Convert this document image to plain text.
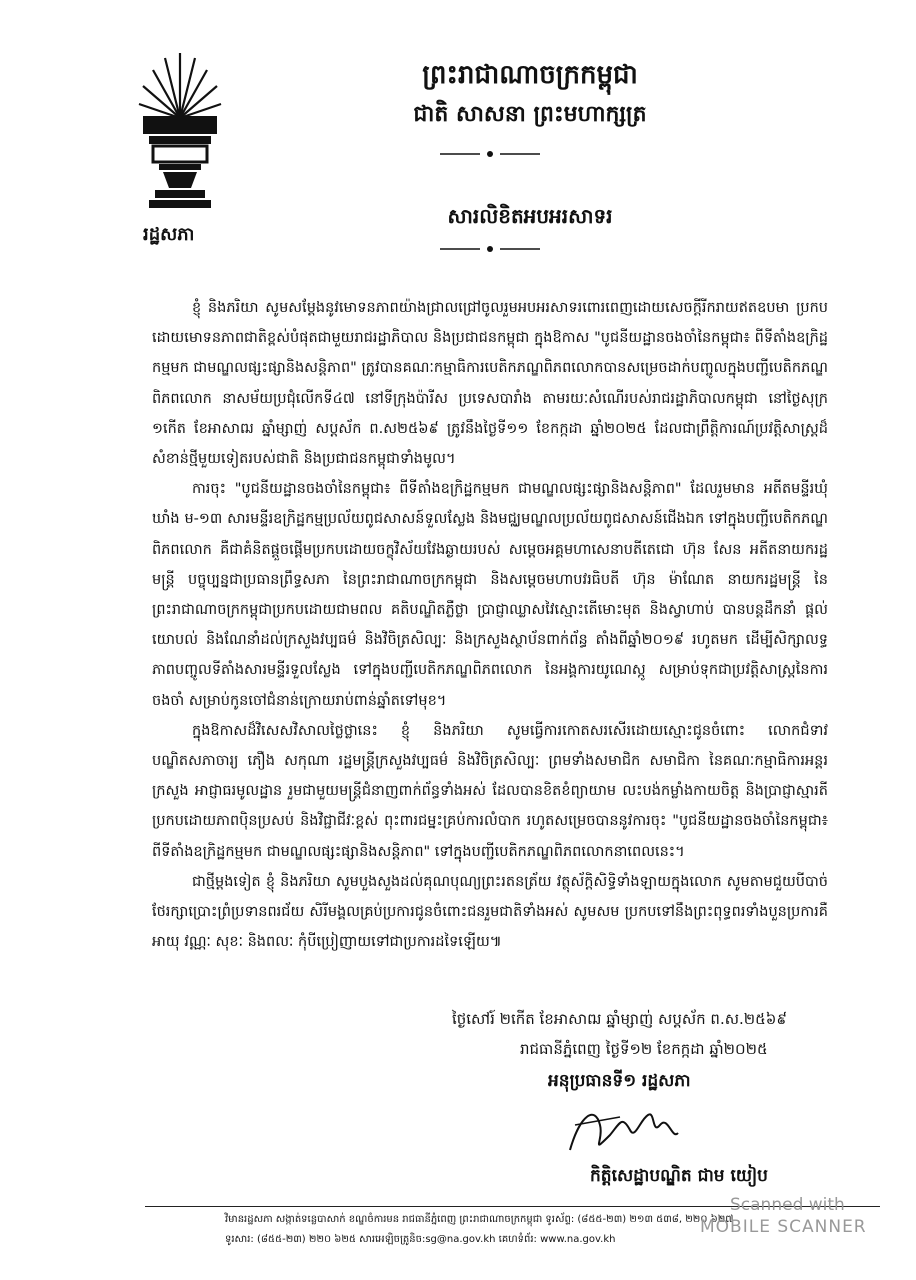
រដ្ឋសភា
ព្រះរាជាណាចក្រកម្ពុជា
ជាតិ សាសនា ព្រះមហាក្សត្រ
សារលិខិតអបអរសាទរ

ខ្ញុំ និងភរិយា សូមសម្តែងនូវមោទនភាពយ៉ាងជ្រាលជ្រៅចូលរួមអបអរសាទរពោរពេញដោយសេចក្តីរីករាយឥតឧបមា ប្រកបដោយមោទនភាពជាតិខ្ពស់បំផុតជាមួយរាជរដ្ឋាភិបាល និងប្រជាជនកម្ពុជា ក្នុងឱកាស "បូជនីយដ្ឋានចងចាំនៃកម្ពុជា៖ ពីទីតាំងឧក្រិដ្ឋកម្មមក ជាមណ្ឌលផ្សះផ្សានិងសន្តិភាព" ត្រូវបានគណៈកម្មាធិការបេតិកភណ្ឌពិភពលោកបានសម្រេចដាក់បញ្ចូលក្នុងបញ្ជីបេតិកភណ្ឌពិភពលោក នាសម័យប្រជុំលើកទី៤៧ នៅទីក្រុងប៉ារីស ប្រទេសបារាំង តាមរយៈសំណើរបស់រាជរដ្ឋាភិបាលកម្ពុជា នៅថ្ងៃសុក្រ ១កើត ខែអាសាឍ ឆ្នាំម្សាញ់ សប្តស័ក ព.ស២៥៦៩ ត្រូវនឹងថ្ងៃទី១១ ខែកក្កដា ឆ្នាំ២០២៥ ដែលជាព្រឹត្តិការណ៍ប្រវត្តិសាស្ត្រដ៏សំខាន់ថ្មីមួយទៀតរបស់ជាតិ និងប្រជាជនកម្ពុជាទាំងមូល។

ការចុះ "បូជនីយដ្ឋានចងចាំនៃកម្ពុជា៖ ពីទីតាំងឧក្រិដ្ឋកម្មមក ជាមណ្ឌលផ្សះផ្សានិងសន្តិភាព" ដែលរួមមាន អតីតមន្ទីរឃុំឃាំង ម-១៣ សារមន្ទីរឧក្រិដ្ឋកម្មប្រល័យពូជសាសន៍ទួលស្លែង និងមជ្ឈមណ្ឌលប្រល័យពូជសាសន៍ជើងឯក ទៅក្នុងបញ្ជីបេតិកភណ្ឌពិភពលោក គឺជាគំនិតផ្តួចផ្តើមប្រកបដោយចក្ខុវិស័យវែងឆ្ងាយរបស់ សម្តេចអគ្គមហាសេនាបតីតេជោ ហ៊ុន សែន អតីតនាយករដ្ឋមន្ត្រី បច្ចុប្បន្នជាប្រធានព្រឹទ្ធសភា នៃព្រះរាជាណាចក្រកម្ពុជា និងសម្តេចមហាបវរធិបតី ហ៊ុន ម៉ាណែត នាយករដ្ឋមន្ត្រី នៃព្រះរាជាណាចក្រកម្ពុជាប្រកបដោយជាមពល គតិបណ្ឌិតភ្លឺថ្លា ប្រាជ្ញាឈ្លាសវៃស្មោះតើមោះមុត និងស្វាហាប់ បានបន្តដឹកនាំ ផ្តល់យោបល់ និងណែនាំដល់ក្រសួងវប្បធម៌ និងវិចិត្រសិល្បៈ និងក្រសួងស្ថាប័នពាក់ព័ន្ធ តាំងពីឆ្នាំ២០១៩ រហូតមក ដើម្បីសិក្សាលទ្ធភាពបញ្ចូលទីតាំងសារមន្ទីរទួលស្លែង ទៅក្នុងបញ្ជីបេតិកភណ្ឌពិភពលោក នៃអង្គការយូណេស្កូ សម្រាប់ទុកជាប្រវត្តិសាស្ត្រនៃការចងចាំ សម្រាប់កូនចៅជំនាន់ក្រោយរាប់ពាន់ឆ្នាំតទៅមុខ។

ក្នុងឱកាសដ៏វិសេសវិសាលថ្លៃថ្លានេះ ខ្ញុំ និងភរិយា សូមធ្វើការកោតសរសើរដោយស្មោះជូនចំពោះ លោកជំទាវបណ្ឌិតសភាចារ្យ ភឿង សកុណា រដ្ឋមន្ត្រីក្រសួងវប្បធម៌ និងវិចិត្រសិល្បៈ ព្រមទាំងសមាជិក សមាជិកា នៃគណៈកម្មាធិការអន្តរក្រសួង អាជ្ញាធរមូលដ្ឋាន រួមជាមួយមន្ត្រីជំនាញពាក់ព័ន្ធទាំងអស់ ដែលបានខិតខំព្យាយាម លះបង់កម្លាំងកាយចិត្ត និងប្រាជ្ញាស្មារតី ប្រកបដោយភាពប៉ិនប្រសប់ និងវិជ្ជាជីវៈខ្ពស់ ពុះពារជម្នះគ្រប់ការលំបាក រហូតសម្រេចបាននូវការចុះ "បូជនីយដ្ឋានចងចាំនៃកម្ពុជា៖ ពីទីតាំងឧក្រិដ្ឋកម្មមក ជាមណ្ឌលផ្សះផ្សានិងសន្តិភាព" ទៅក្នុងបញ្ជីបេតិកភណ្ឌពិភពលោកនាពេលនេះ។

ជាថ្មីម្តងទៀត ខ្ញុំ និងភរិយា សូមបួងសួងដល់គុណបុណ្យព្រះរតនត្រ័យ វត្ថុស័ក្តិសិទ្ធិទាំងឡាយក្នុងលោក សូមតាមជួយបីបាច់ថែរក្សាប្រោះព្រំប្រទានពរជ័យ សិរីមង្គលគ្រប់ប្រការជូនចំពោះជនរួមជាតិទាំងអស់ សូមសម ប្រកបទៅនឹងព្រះពុទ្ធពរទាំងបួនប្រការគឺ អាយុ វណ្ណៈ សុខៈ និងពលៈ កុំបីប្រៀញាយទៅជាប្រការដទៃឡើយ៕

ថ្ងៃសៅរ៍ ២កើត ខែអាសាឍ ឆ្នាំម្សាញ់ សប្តស័ក ព.ស.២៥៦៩
រាជធានីភ្នំពេញ ថ្ងៃទី១២ ខែកក្កដា ឆ្នាំ២០២៥
អនុប្រធានទី១ រដ្ឋសភា
កិត្តិសេដ្ឋាបណ្ឌិត ជាម យៀប
វិមានរដ្ឋសភា សង្កាត់ទន្លេបាសាក់ ខណ្ឌចំការមន រាជធានីភ្នំពេញ ព្រះរាជាណាចក្រកម្ពុជា ទូរស័ព្ទ: (៨៥៥-២៣) ២១៣ ៥៣៨, ២២០ ៦២៧
ទូរសារ: (៨៥៥-២៣) ២២០ ៦២៥ សារអេឡិចត្រូនិច:sg@na.gov.kh គេហទំព័រ: www.na.gov.kh
Scanned with
MOBILE SCANNER
